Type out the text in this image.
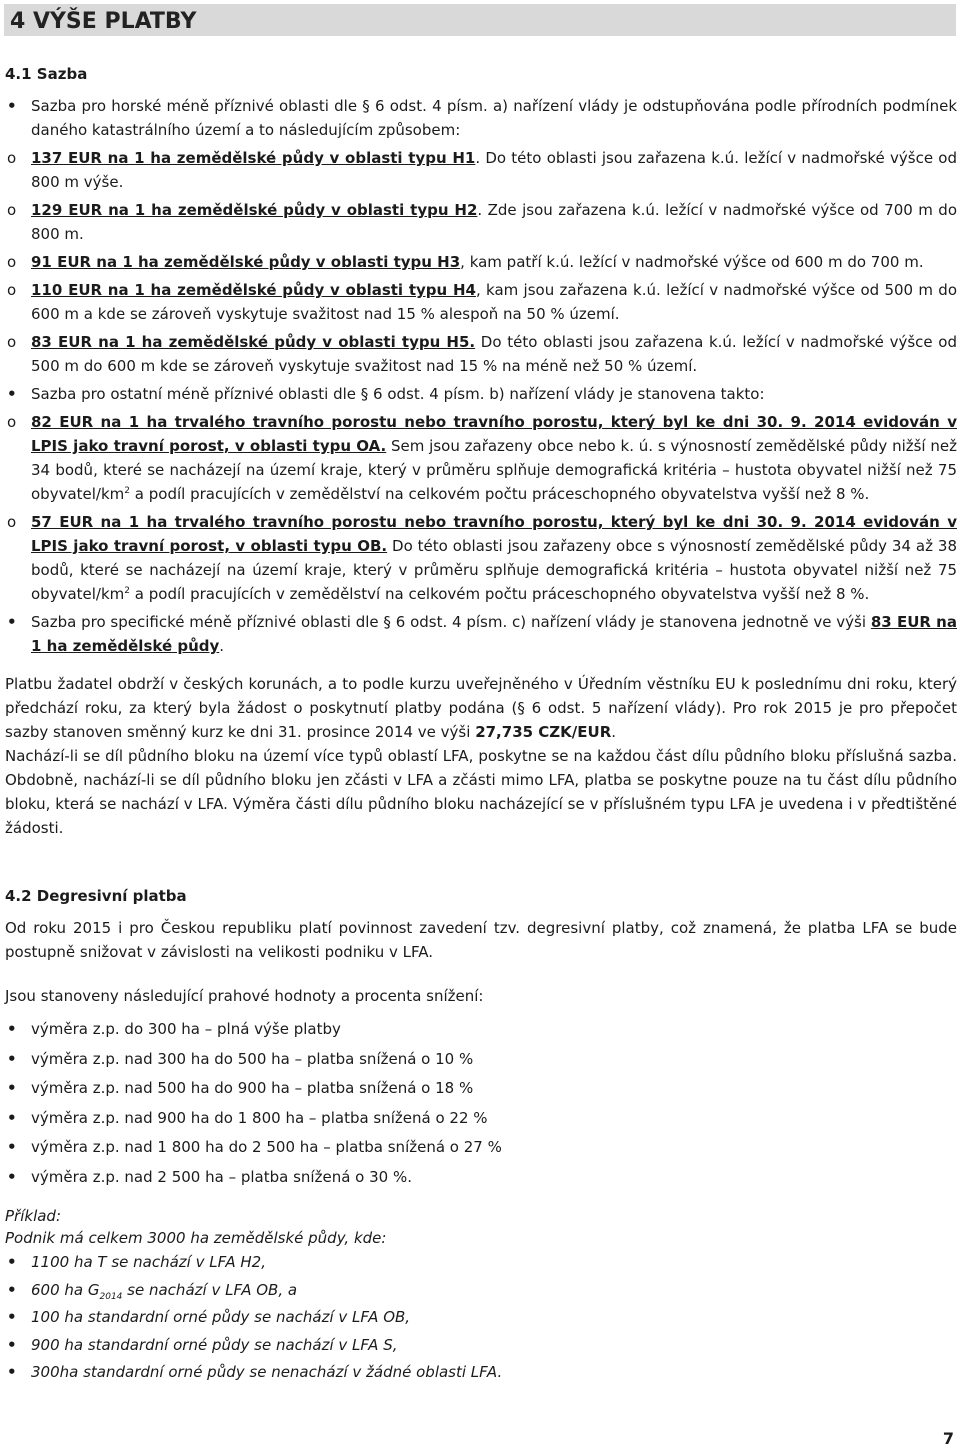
4 VÝŠE PLATBY
4.1 Sazba
• Sazba pro horské méně příznivé oblasti dle § 6 odst. 4 písm. a) nařízení vlády je odstupňována podle přírodních podmínek daného katastrálního území a to následujícím způsobem:
o 137 EUR na 1 ha zemědělské půdy v oblasti typu H1. Do této oblasti jsou zařazena k.ú. ležící v nadmořské výšce od 800 m výše.
o 129 EUR na 1 ha zemědělské půdy v oblasti typu H2. Zde jsou zařazena k.ú. ležící v nadmořské výšce od 700 m do 800 m.
o 91 EUR na 1 ha zemědělské půdy v oblasti typu H3, kam patří k.ú. ležící v nadmořské výšce od 600 m do 700 m.
o 110 EUR na 1 ha zemědělské půdy v oblasti typu H4, kam jsou zařazena k.ú. ležící v nadmořské výšce od 500 m do 600 m a kde se zároveň vyskytuje svažitost nad 15 % alespoň na 50 % území.
o 83 EUR na 1 ha zemědělské půdy v oblasti typu H5. Do této oblasti jsou zařazena k.ú. ležící v nadmořské výšce od 500 m do 600 m kde se zároveň vyskytuje svažitost nad 15 % na méně než 50 % území.
• Sazba pro ostatní méně příznivé oblasti dle § 6 odst. 4 písm. b) nařízení vlády je stanovena takto:
o 82 EUR na 1 ha trvalého travního porostu nebo travního porostu, který byl ke dni 30. 9. 2014 evidován v LPIS jako travní porost, v oblasti typu OA. Sem jsou zařazeny obce nebo k. ú. s výnosností zemědělské půdy nižší než 34 bodů, které se nacházejí na území kraje, který v průměru splňuje demografická kritéria – hustota obyvatel nižší než 75 obyvatel/$km^2$ a podíl pracujících v zemědělství na celkovém počtu práceschopného obyvatelstva vyšší než 8 %.
o 57 EUR na 1 ha trvalého travního porostu nebo travního porostu, který byl ke dni 30. 9. 2014 evidován v LPIS jako travní porost, v oblasti typu OB. Do této oblasti jsou zařazeny obce s výnosností zemědělské půdy 34 až 38 bodů, které se nacházejí na území kraje, který v průměru splňuje demografická kritéria – hustota obyvatel nižší než 75 obyvatel/$km^2$ a podíl pracujících v zemědělství na celkovém počtu práceschopného obyvatelstva vyšší než 8 %.
• Sazba pro specifické méně příznivé oblasti dle § 6 odst. 4 písm. c) nařízení vlády je stanovena jednotně ve výši 83 EUR na 1 ha zemědělské půdy.

Platbu žadatel obdrží v českých korunách, a to podle kurzu uveřejněného v Úředním věstníku EU k poslednímu dni roku, který předchází roku, za který byla žádost o poskytnutí platby podána (§ 6 odst. 5 nařízení vlády). Pro rok 2015 je pro přepočet sazby stanoven směnný kurz ke dni 31. prosince 2014 ve výši 27,735 CZK/EUR.

Nachází-li se díl půdního bloku na území více typů oblastí LFA, poskytne se na každou část dílu půdního bloku příslušná sazba. Obdobně, nachází-li se díl půdního bloku jen zčásti v LFA a zčásti mimo LFA, platba se poskytne pouze na tu část dílu půdního bloku, která se nachází v LFA. Výměra části dílu půdního bloku nacházející se v příslušném typu LFA je uvedena i v předtištěné žádosti.

4.2 Degresivní platba

Od roku 2015 i pro Českou republiku platí povinnost zavedení tzv. degresivní platby, což znamená, že platba LFA se bude postupně snižovat v závislosti na velikosti podniku v LFA.

Jsou stanoveny následující prahové hodnoty a procenta snížení:

• výměra z.p. do 300 ha – plná výše platby
• výměra z.p. nad 300 ha do 500 ha – platba snížená o 10 %
• výměra z.p. nad 500 ha do 900 ha – platba snížená o 18 %
• výměra z.p. nad 900 ha do 1 800 ha – platba snížená o 22 %
• výměra z.p. nad 1 800 ha do 2 500 ha – platba snížená o 27 %
• výměra z.p. nad 2 500 ha – platba snížená o 30 %.

Příklad:

Podnik má celkem 3000 ha zemědělské půdy, kde:

• 1100 ha T se nachází v LFA H2,
• 600 ha $G_{2014}$ se nachází v LFA OB, a
• 100 ha standardní orné půdy se nachází v LFA OB,
• 900 ha standardní orné půdy se nachází v LFA S,
• 300ha standardní orné půdy se nenachází v žádné oblasti LFA.
7
